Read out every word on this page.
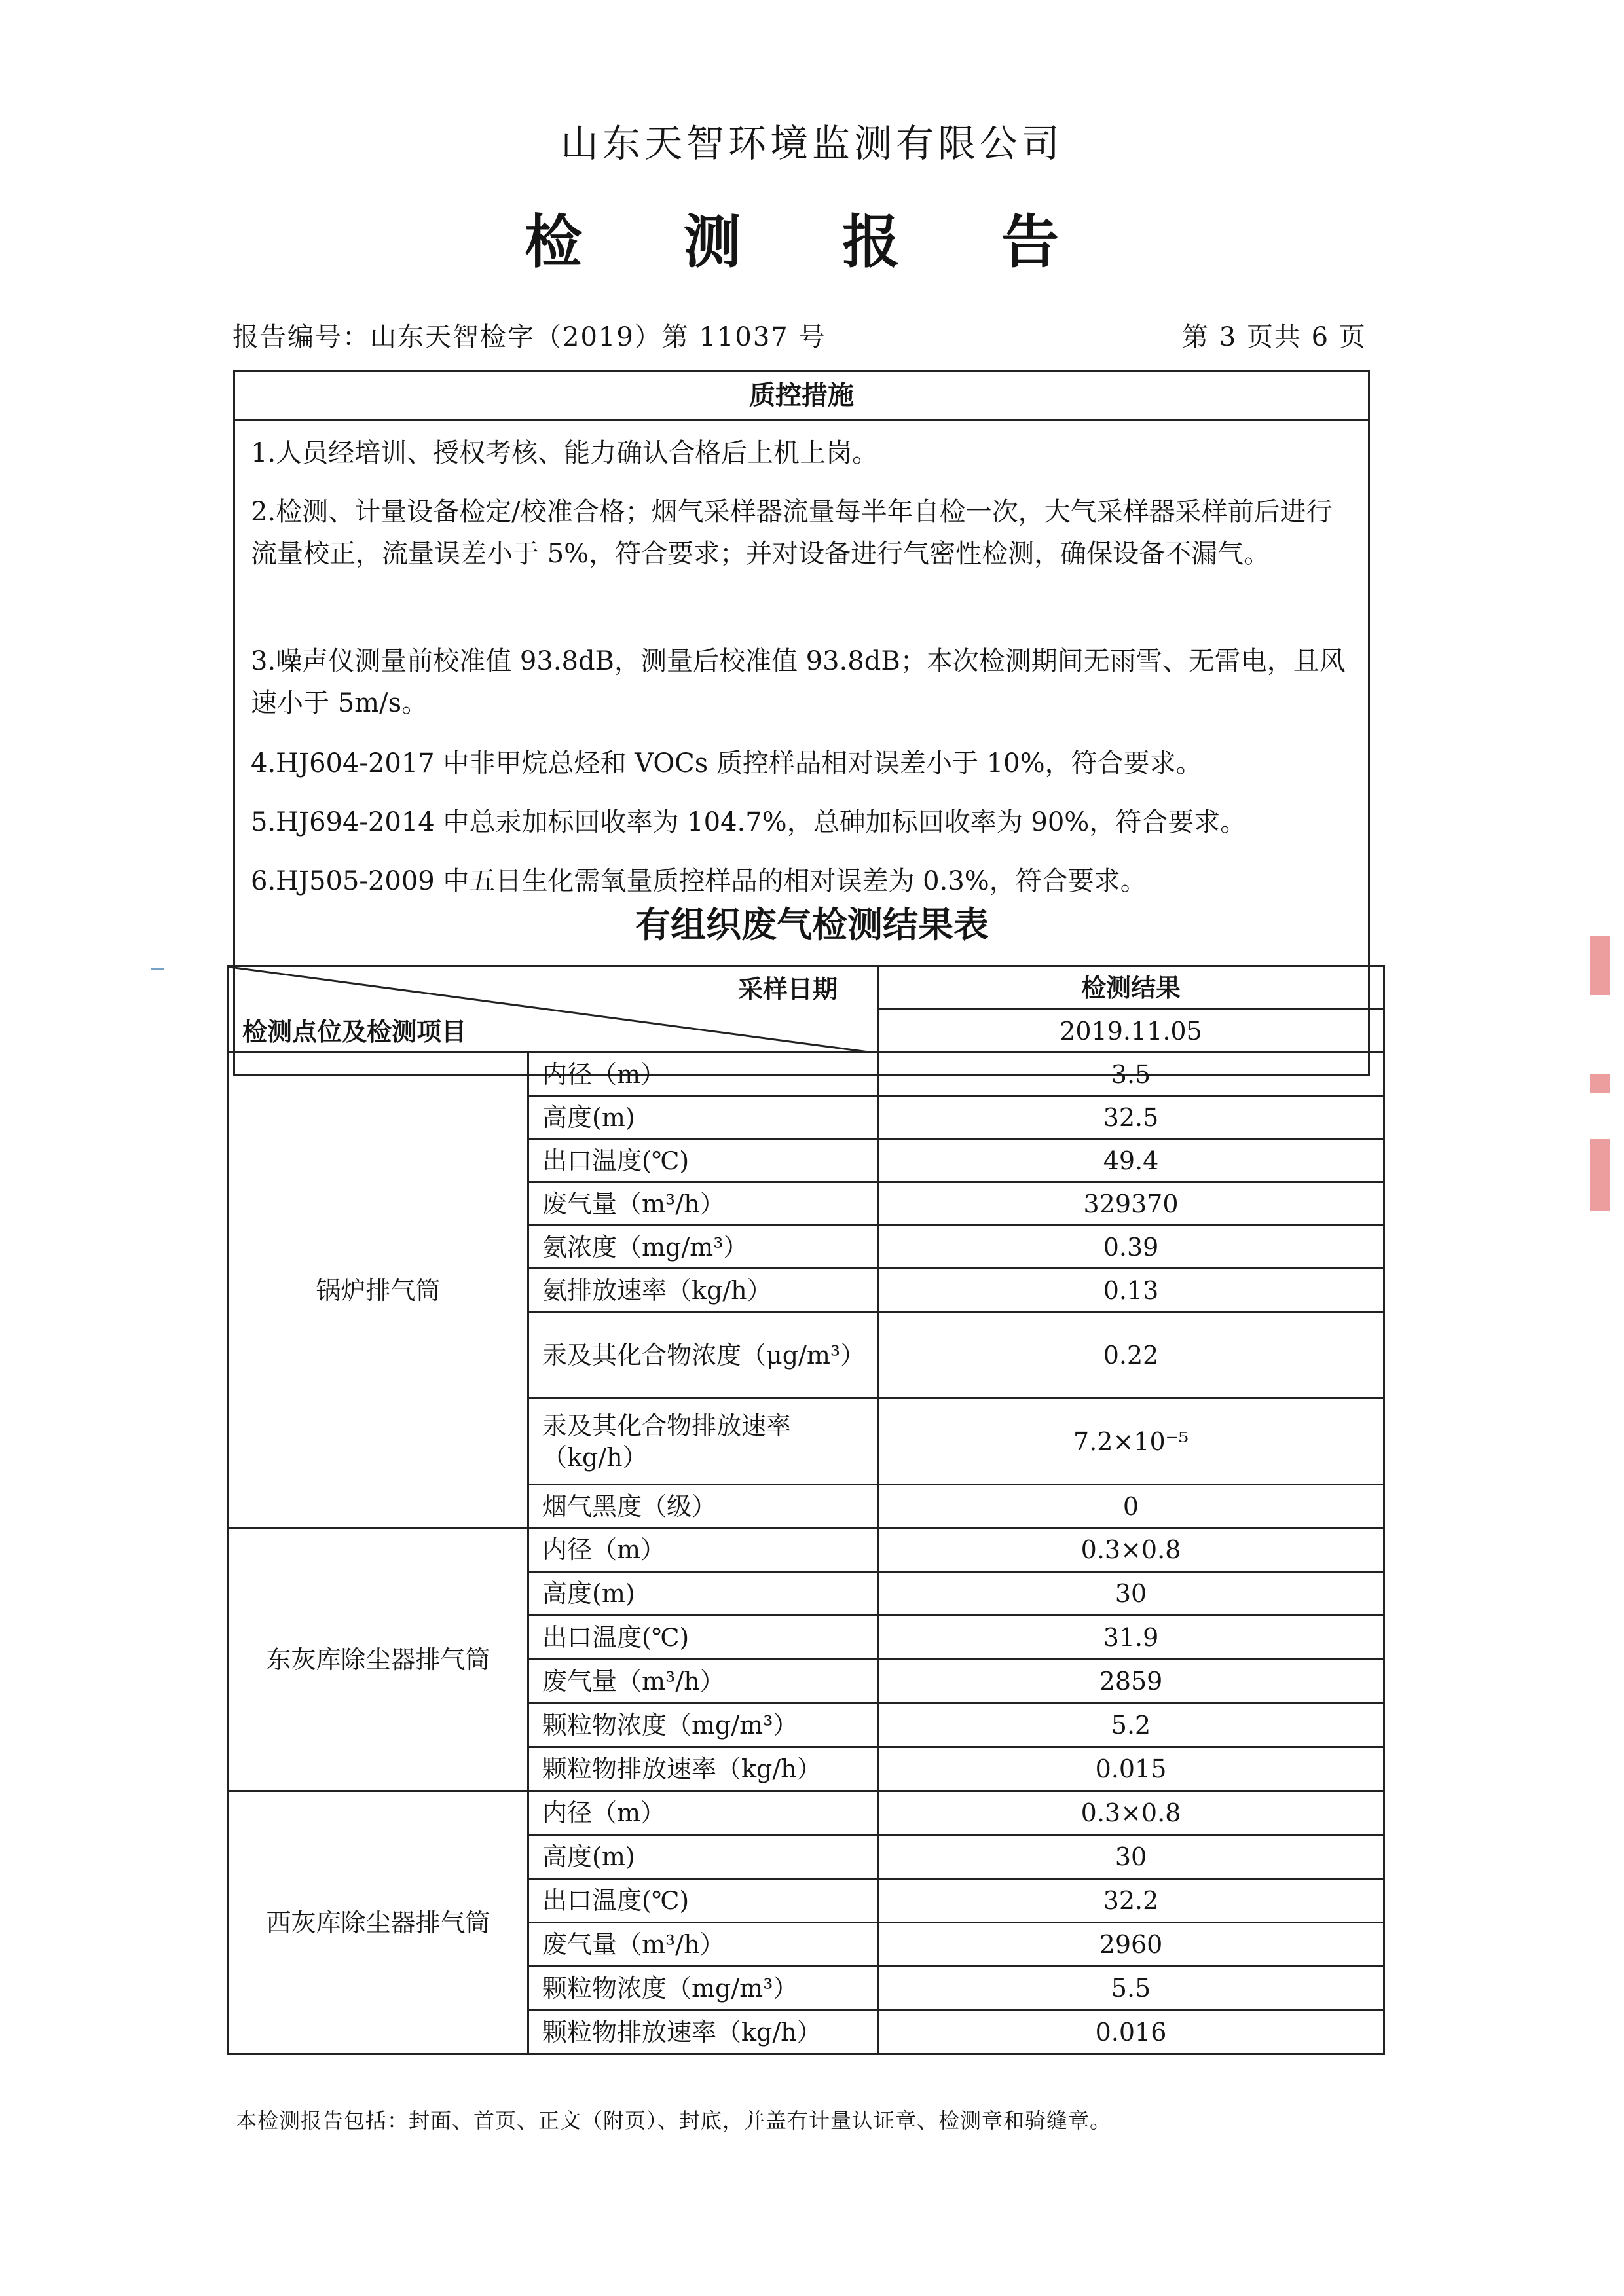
山东天智环境监测有限公司
检 测 报 告
报告编号：山东天智检字（2019）第 11037 号	第 3 页共 6 页
质控措施
1.人员经培训、授权考核、能力确认合格后上机上岗。
2.检测、计量设备检定/校准合格；烟气采样器流量每半年自检一次，大气采样器采样前后进行流量校正，流量误差小于 5%，符合要求；并对设备进行气密性检测，确保设备不漏气。
3.噪声仪测量前校准值 93.8dB，测量后校准值 93.8dB；本次检测期间无雨雪、无雷电，且风速小于 5m/s。
4.HJ604-2017 中非甲烷总烃和 VOCs 质控样品相对误差小于 10%，符合要求。
5.HJ694-2014 中总汞加标回收率为 104.7%，总砷加标回收率为 90%，符合要求。
6.HJ505-2009 中五日生化需氧量质控样品的相对误差为 0.3%，符合要求。
有组织废气检测结果表
采样日期
检测点位及检测项目		检测结果
		2019.11.05
锅炉排气筒	内径（m）	3.5
	高度(m)	32.5
	出口温度(℃)	49.4
	废气量（m³/h）	329370
	氨浓度（mg/m³）	0.39
	氨排放速率（kg/h）	0.13
	汞及其化合物浓度（μg/m³）	0.22
	汞及其化合物排放速率（kg/h）	7.2×10⁻⁵
	烟气黑度（级）	0
东灰库除尘器排气筒	内径（m）	0.3×0.8
	高度(m)	30
	出口温度(℃)	31.9
	废气量（m³/h）	2859
	颗粒物浓度（mg/m³）	5.2
	颗粒物排放速率（kg/h）	0.015
西灰库除尘器排气筒	内径（m）	0.3×0.8
	高度(m)	30
	出口温度(℃)	32.2
	废气量（m³/h）	2960
	颗粒物浓度（mg/m³）	5.5
	颗粒物排放速率（kg/h）	0.016
本检测报告包括：封面、首页、正文（附页）、封底，并盖有计量认证章、检测章和骑缝章。
